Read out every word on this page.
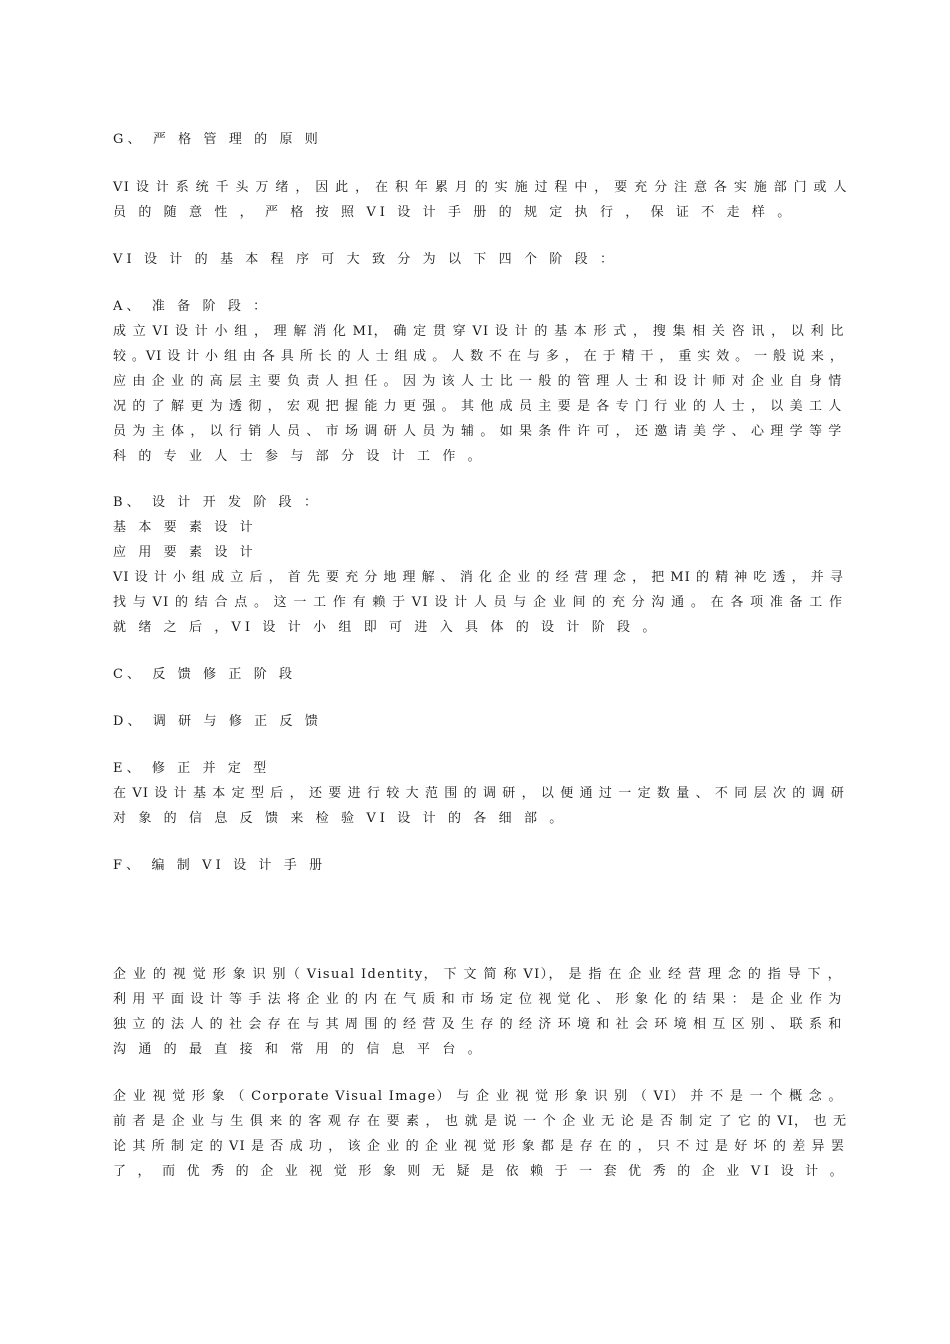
G、 严 格 管 理 的 原 则
VI 设 计 系 统 千 头 万 绪 ， 因 此 ， 在 积 年 累 月 的 实 施 过 程 中 ， 要 充 分 注 意 各 实 施 部 门 或 人
员 的 随 意 性 ， 严 格 按 照 VI 设 计 手 册 的 规 定 执 行 ， 保 证 不 走 样 。
VI 设 计 的 基 本 程 序 可 大 致 分 为 以 下 四 个 阶 段 ：
A、 准 备 阶 段 ：
成 立 VI 设 计 小 组 ， 理 解 消 化 MI， 确 定 贯 穿 VI 设 计 的 基 本 形 式 ， 搜 集 相 关 咨 讯 ， 以 利 比
较 。VI 设 计 小 组 由 各 具 所 长 的 人 士 组 成 。 人 数 不 在 与 多 ， 在 于 精 干 ， 重 实 效 。 一 般 说 来 ，
应 由 企 业 的 高 层 主 要 负 责 人 担 任 。 因 为 该 人 士 比 一 般 的 管 理 人 士 和 设 计 师 对 企 业 自 身 情
况 的 了 解 更 为 透 彻 ， 宏 观 把 握 能 力 更 强 。 其 他 成 员 主 要 是 各 专 门 行 业 的 人 士 ， 以 美 工 人
员 为 主 体 ， 以 行 销 人 员 、 市 场 调 研 人 员 为 辅 。 如 果 条 件 许 可 ， 还 邀 请 美 学 、 心 理 学 等 学
科 的 专 业 人 士 参 与 部 分 设 计 工 作 。
B、 设 计 开 发 阶 段 ：
基 本 要 素 设 计
应 用 要 素 设 计
VI 设 计 小 组 成 立 后 ， 首 先 要 充 分 地 理 解 、 消 化 企 业 的 经 营 理 念 ， 把 MI 的 精 神 吃 透 ， 并 寻
找 与 VI 的 结 合 点 。 这 一 工 作 有 赖 于 VI 设 计 人 员 与 企 业 间 的 充 分 沟 通 。 在 各 项 准 备 工 作
就 绪 之 后 ，VI 设 计 小 组 即 可 进 入 具 体 的 设 计 阶 段 。
C、 反 馈 修 正 阶 段
D、 调 研 与 修 正 反 馈
E、 修 正 并 定 型
在 VI 设 计 基 本 定 型 后 ， 还 要 进 行 较 大 范 围 的 调 研 ， 以 便 通 过 一 定 数 量 、 不 同 层 次 的 调 研
对 象 的 信 息 反 馈 来 检 验 VI 设 计 的 各 细 部 。
F、 编 制 VI 设 计 手 册
企 业 的 视 觉 形 象 识 别（ Visual Identity， 下 文 简 称 VI）， 是 指 在 企 业 经 营 理 念 的 指 导 下 ，
利 用 平 面 设 计 等 手 法 将 企 业 的 内 在 气 质 和 市 场 定 位 视 觉 化 、 形 象 化 的 结 果 ： 是 企 业 作 为
独 立 的 法 人 的 社 会 存 在 与 其 周 围 的 经 营 及 生 存 的 经 济 环 境 和 社 会 环 境 相 互 区 别 、 联 系 和
沟 通 的 最 直 接 和 常 用 的 信 息 平 台 。
企 业 视 觉 形 象 （ Corporate Visual Image） 与 企 业 视 觉 形 象 识 别 （ VI） 并 不 是 一 个 概 念 。
前 者 是 企 业 与 生 俱 来 的 客 观 存 在 要 素 ， 也 就 是 说 一 个 企 业 无 论 是 否 制 定 了 它 的 VI， 也 无
论 其 所 制 定 的 VI 是 否 成 功 ， 该 企 业 的 企 业 视 觉 形 象 都 是 存 在 的 ， 只 不 过 是 好 坏 的 差 异 罢
了 ， 而 优 秀 的 企 业 视 觉 形 象 则 无 疑 是 依 赖 于 一 套 优 秀 的 企 业 VI 设 计 。
